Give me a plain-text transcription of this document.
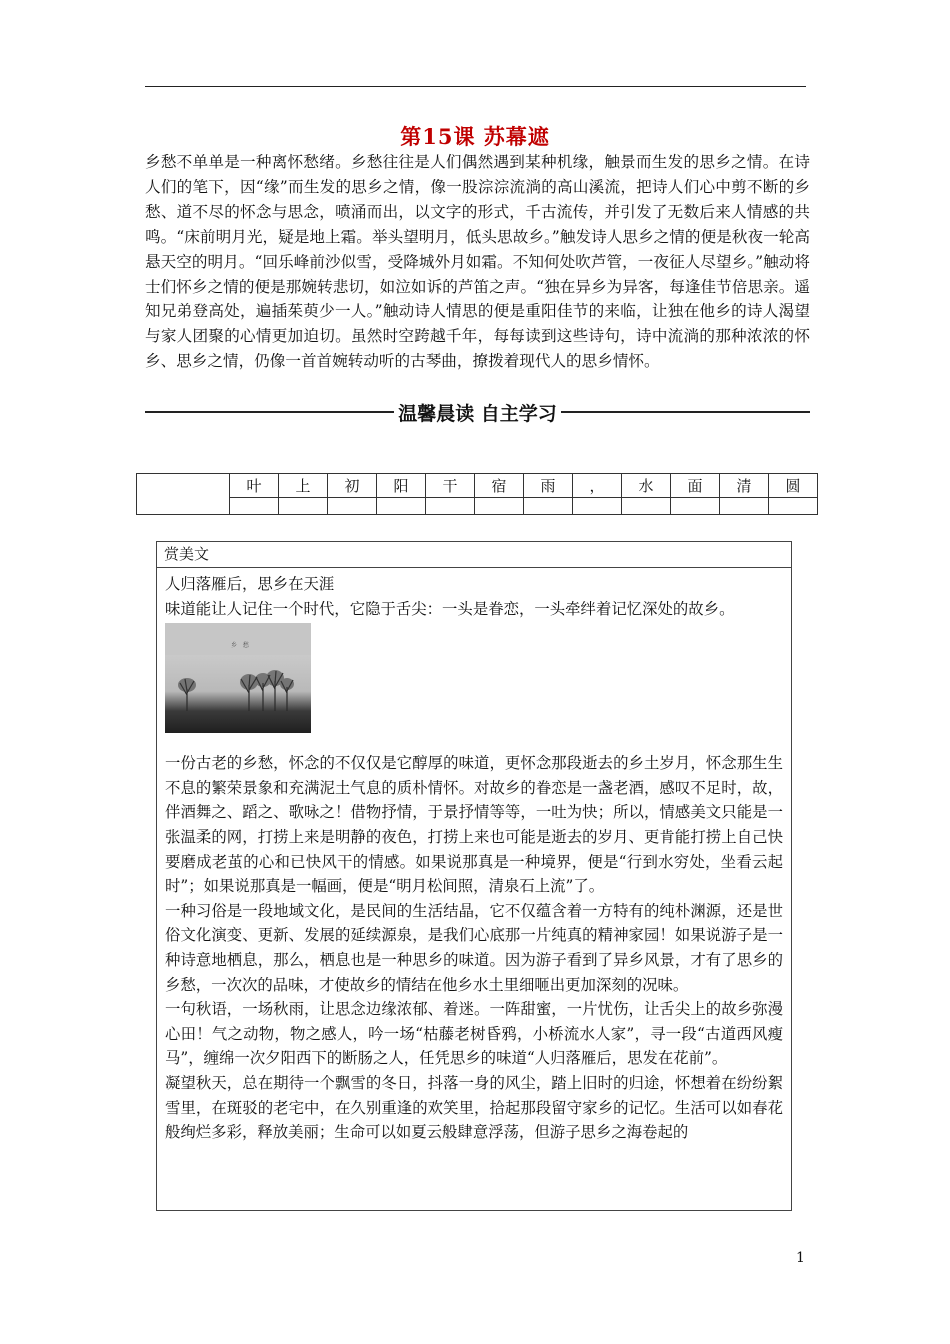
第15课 苏幕遮

乡愁不单单是一种离怀愁绪。乡愁往往是人们偶然遇到某种机缘，触景而生发的思乡之情。在诗人们的笔下，因“缘”而生发的思乡之情，像一股淙淙流淌的高山溪流，把诗人们心中剪不断的乡愁、道不尽的怀念与思念，喷涌而出，以文字的形式，千古流传，并引发了无数后来人情感的共鸣。“床前明月光，疑是地上霜。举头望明月，低头思故乡。”触发诗人思乡之情的便是秋夜一轮高悬天空的明月。“回乐峰前沙似雪，受降城外月如霜。不知何处吹芦管，一夜征人尽望乡。”触动将士们怀乡之情的便是那婉转悲切，如泣如诉的芦笛之声。“独在异乡为异客，每逢佳节倍思亲。遥知兄弟登高处，遍插茱萸少一人。”触动诗人情思的便是重阳佳节的来临，让独在他乡的诗人渴望与家人团聚的心情更加迫切。虽然时空跨越千年，每每读到这些诗句，诗中流淌的那种浓浓的怀乡、思乡之情，仍像一首首婉转动听的古琴曲，撩拨着现代人的思乡情怀。

温馨晨读 自主学习
	叶	上	初	阳	干	宿	雨	，	水	面	清	圆

赏美文

人归落雁后，思乡在天涯

味道能让人记住一个时代，它隐于舌尖：一头是眷恋，一头牵绊着记忆深处的故乡。

乡 愁

一份古老的乡愁，怀念的不仅仅是它醇厚的味道，更怀念那段逝去的乡土岁月，怀念那生生不息的繁荣景象和充满泥土气息的质朴情怀。对故乡的眷恋是一盏老酒，感叹不足时，故，伴酒舞之、蹈之、歌咏之！借物抒情，于景抒情等等，一吐为快；所以，情感美文只能是一张温柔的网，打捞上来是明静的夜色，打捞上来也可能是逝去的岁月、更肯能打捞上自己快要磨成老茧的心和已快风干的情感。如果说那真是一种境界，便是“行到水穷处，坐看云起时”；如果说那真是一幅画，便是“明月松间照，清泉石上流”了。

一种习俗是一段地域文化，是民间的生活结晶，它不仅蕴含着一方特有的纯朴渊源，还是世俗文化演变、更新、发展的延续源泉，是我们心底那一片纯真的精神家园！如果说游子是一种诗意地栖息，那么，栖息也是一种思乡的味道。因为游子看到了异乡风景，才有了思乡的乡愁，一次次的品味，才使故乡的情结在他乡水土里细咂出更加深刻的况味。

一句秋语，一场秋雨，让思念边缘浓郁、着迷。一阵甜蜜，一片忧伤，让舌尖上的故乡弥漫心田！气之动物，物之感人，吟一场“枯藤老树昏鸦，小桥流水人家”，寻一段“古道西风瘦马”，缠绵一次夕阳西下的断肠之人，任凭思乡的味道“人归落雁后，思发在花前”。

凝望秋天，总在期待一个飘雪的冬日，抖落一身的风尘，踏上旧时的归途，怀想着在纷纷絮雪里，在斑驳的老宅中，在久别重逢的欢笑里，拾起那段留守家乡的记忆。生活可以如春花般绚烂多彩，释放美丽；生命可以如夏云般肆意浮荡，但游子思乡之海卷起的

1
